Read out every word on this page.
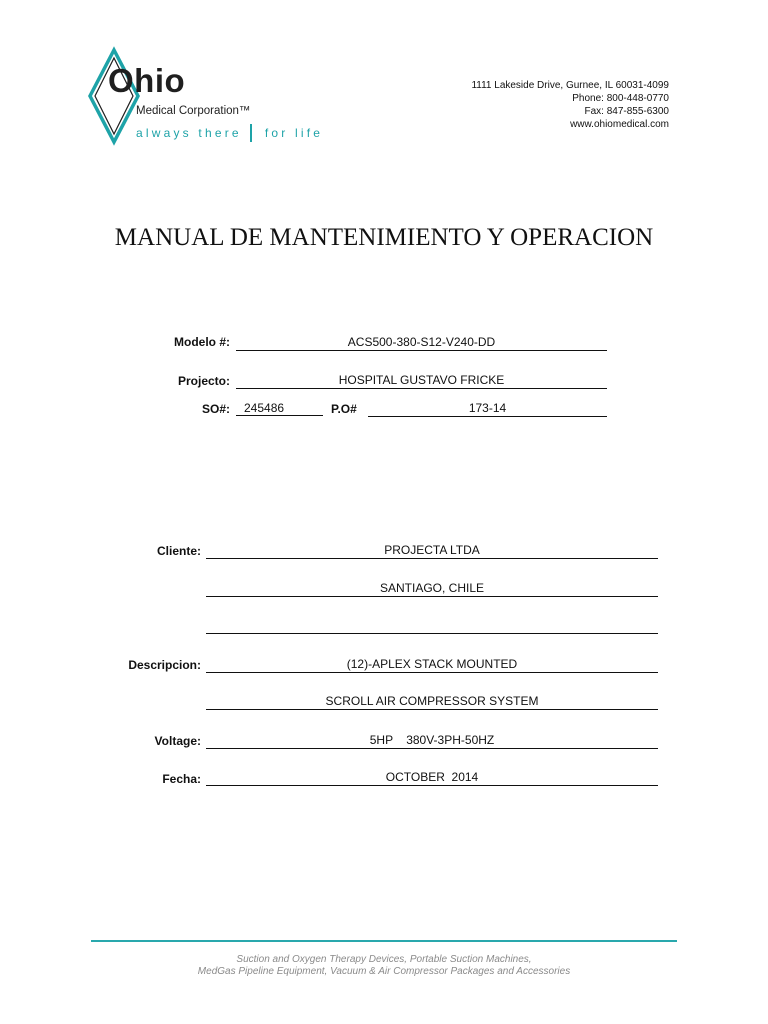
Ohio
Medical Corporation™
always there for life
1111 Lakeside Drive, Gurnee, IL 60031-4099
Phone: 800-448-0770
Fax: 847-855-6300
www.ohiomedical.com
MANUAL DE MANTENIMIENTO Y OPERACION
Modelo #:	ACS500-380-S12-V240-DD
Projecto:	HOSPITAL GUSTAVO FRICKE
SO#:	245486	P.O#	173-14
Cliente:	PROJECTA LTDA
SANTIAGO, CHILE
Descripcion:	(12)-APLEX STACK MOUNTED
SCROLL AIR COMPRESSOR SYSTEM
Voltage:	5HP    380V-3PH-50HZ
Fecha:	OCTOBER  2014
Suction and Oxygen Therapy Devices, Portable Suction Machines,
MedGas Pipeline Equipment, Vacuum & Air Compressor Packages and Accessories
